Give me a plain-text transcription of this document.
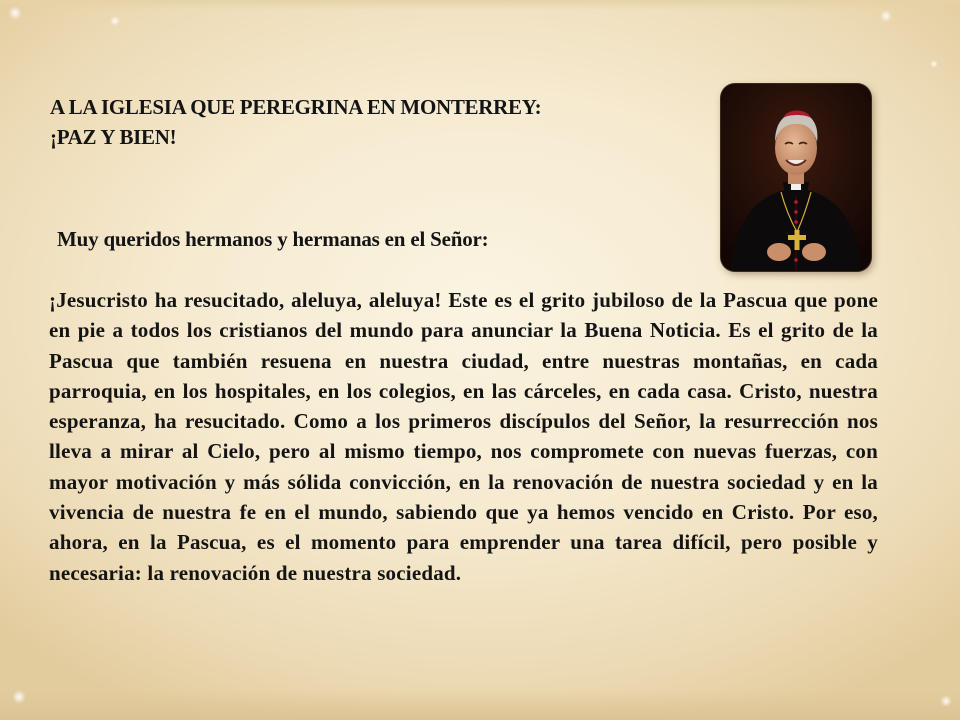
A LA IGLESIA QUE PEREGRINA EN MONTERREY:
¡PAZ Y BIEN!
Muy queridos hermanos y hermanas en el Señor:
¡Jesucristo ha resucitado, aleluya, aleluya! Este es el grito jubiloso de la Pascua que pone en pie a todos los cristianos del mundo para anunciar la Buena Noticia. Es el grito de la Pascua que también resuena en nuestra ciudad, entre nuestras montañas, en cada parroquia, en los hospitales, en los colegios, en las cárceles, en cada casa. Cristo, nuestra esperanza, ha resucitado. Como a los primeros discípulos del Señor, la resurrección nos lleva a mirar al Cielo, pero al mismo tiempo, nos compromete con nuevas fuerzas, con mayor motivación y más sólida convicción, en la renovación de nuestra sociedad y en la vivencia de nuestra fe en el mundo, sabiendo que ya hemos vencido en Cristo. Por eso, ahora, en la Pascua, es el momento para emprender una tarea difícil, pero posible y necesaria: la renovación de nuestra sociedad.
